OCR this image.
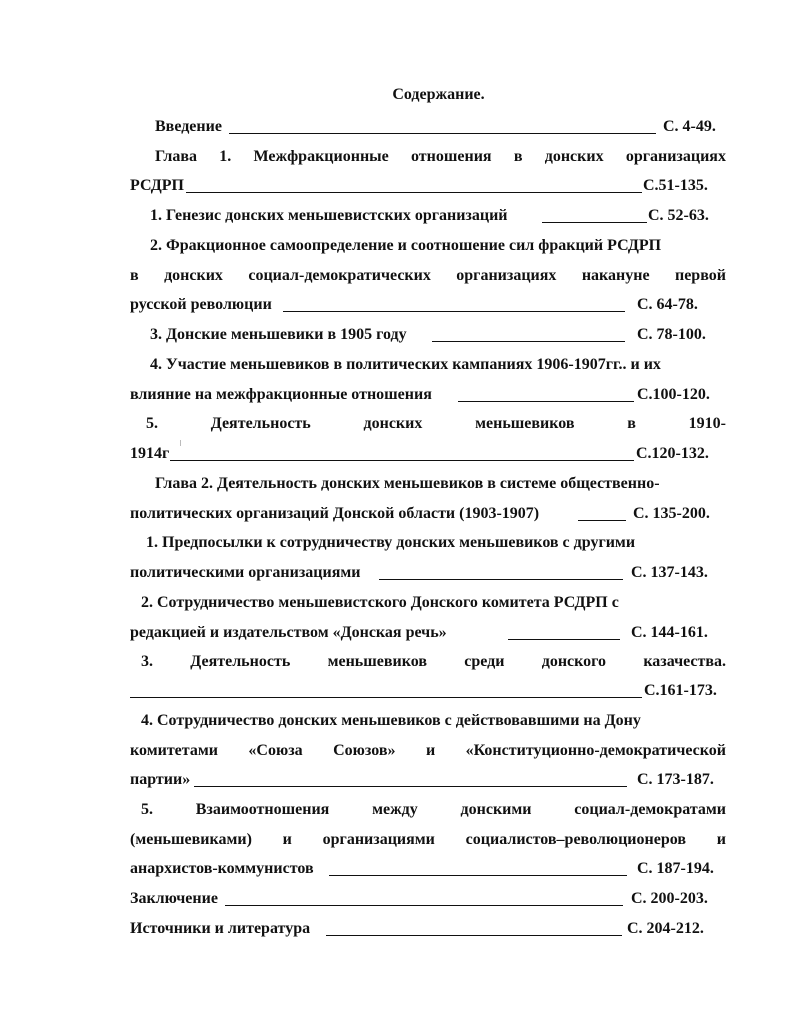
Содержание.
Введение	С. 4-49.
Глава 1. Межфракционные отношения в донских организациях
РСДРП	С.51-135.
1. Генезис донских меньшевистских организаций	С. 52-63.
2. Фракционное самоопределение и соотношение сил фракций РСДРП
в донских социал-демократических организациях накануне первой
русской революции	С. 64-78.
3. Донские меньшевики в 1905 году	С. 78-100.
4. Участие меньшевиков в политических кампаниях 1906-1907гг.. и их
влияние на межфракционные отношения	С.100-120.
5.	Деятельность	донских	меньшевиков	в	1910-
1914г	С.120-132.
Глава 2. Деятельность донских меньшевиков в системе общественно-
политических организаций Донской области (1903-1907)	С. 135-200.
1. Предпосылки к сотрудничеству донских меньшевиков с другими
политическими организациями	С. 137-143.
2. Сотрудничество меньшевистского Донского комитета РСДРП с
редакцией и издательством «Донская речь»	С. 144-161.
3. Деятельность меньшевиков среди донского казачества.
С.161-173.
4. Сотрудничество донских меньшевиков с действовавшими на Дону
комитетами «Союза Союзов» и «Конституционно-демократической
партии»	С. 173-187.
5.	Взаимоотношения	между	донскими	социал-демократами
(меньшевиками) и организациями социалистов–революционеров и
анархистов-коммунистов	С. 187-194.
Заключение	С. 200-203.
Источники и литература	С. 204-212.
